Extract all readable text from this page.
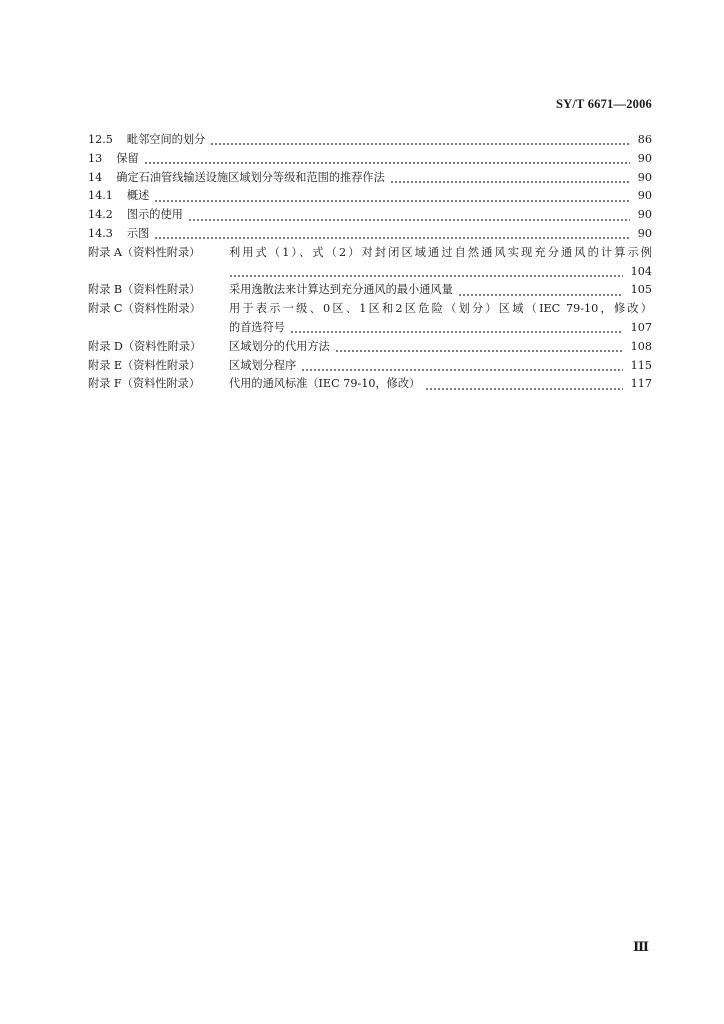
SY/T 6671—2006
12.5 毗邻空间的划分	86
13 保留	90
14 确定石油管线输送设施区域划分等级和范围的推荐作法	90
14.1 概述	90
14.2 图示的使用	90
14.3 示图	90
附录 A（资料性附录）	利用式（1）、式（2）对封闭区域通过自然通风实现充分通风的计算示例
104
附录 B（资料性附录）	采用逸散法来计算达到充分通风的最小通风量	105
附录 C（资料性附录）	用于表示一级、0区、1区和2区危险（划分）区域（IEC 79-10，修改）
的首选符号	107
附录 D（资料性附录）	区域划分的代用方法	108
附录 E（资料性附录）	区域划分程序	115
附录 F（资料性附录）	代用的通风标准（IEC 79-10，修改）	117
Ⅲ
